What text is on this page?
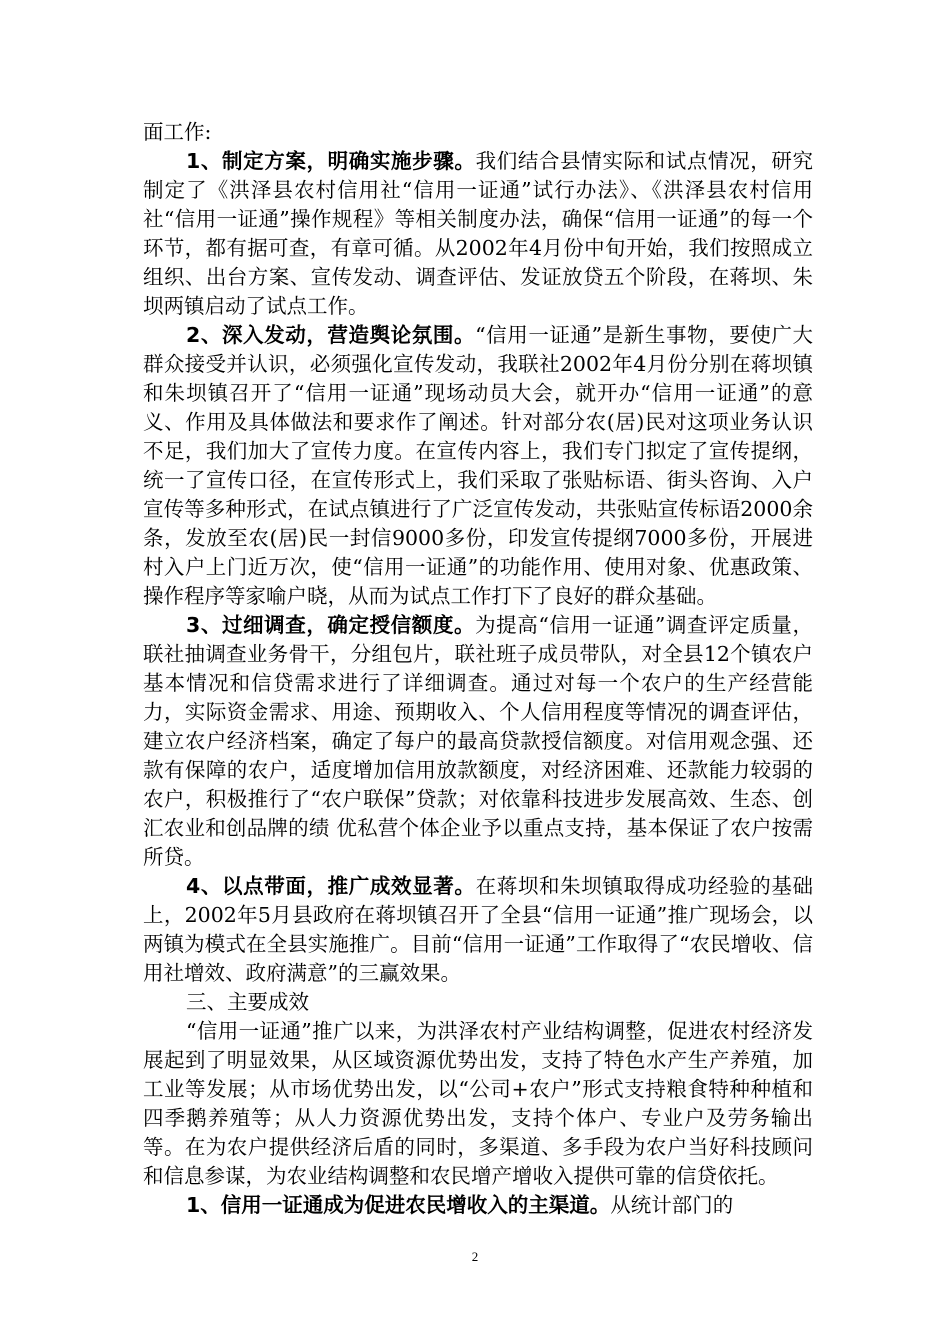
面工作:

1、制定方案，明确实施步骤。我们结合县情实际和试点情况，研究制定了《洪泽县农村信用社“信用一证通”试行办法》、《洪泽县农村信用社“信用一证通”操作规程》等相关制度办法，确保“信用一证通”的每一个环节，都有据可查，有章可循。从2002年4月份中旬开始，我们按照成立组织、出台方案、宣传发动、调查评估、发证放贷五个阶段，在蒋坝、朱坝两镇启动了试点工作。

2、深入发动，营造舆论氛围。“信用一证通”是新生事物，要使广大群众接受并认识，必须强化宣传发动，我联社2002年4月份分别在蒋坝镇和朱坝镇召开了“信用一证通”现场动员大会，就开办“信用一证通”的意义、作用及具体做法和要求作了阐述。针对部分农(居)民对这项业务认识不足，我们加大了宣传力度。在宣传内容上，我们专门拟定了宣传提纲，统一了宣传口径，在宣传形式上，我们采取了张贴标语、街头咨询、入户宣传等多种形式，在试点镇进行了广泛宣传发动，共张贴宣传标语2000余条，发放至农(居)民一封信9000多份，印发宣传提纲7000多份，开展进村入户上门近万次，使“信用一证通”的功能作用、使用对象、优惠政策、操作程序等家喻户晓，从而为试点工作打下了良好的群众基础。

3、过细调查，确定授信额度。为提高“信用一证通”调查评定质量，联社抽调查业务骨干，分组包片，联社班子成员带队，对全县12个镇农户基本情况和信贷需求进行了详细调查。通过对每一个农户的生产经营能力，实际资金需求、用途、预期收入、个人信用程度等情况的调查评估，建立农户经济档案，确定了每户的最高贷款授信额度。对信用观念强、还款有保障的农户，适度增加信用放款额度，对经济困难、还款能力较弱的农户，积极推行了“农户联保”贷款；对依靠科技进步发展高效、生态、创汇农业和创品牌的绩 优私营个体企业予以重点支持，基本保证了农户按需所贷。

4、以点带面，推广成效显著。在蒋坝和朱坝镇取得成功经验的基础上，2002年5月县政府在蒋坝镇召开了全县“信用一证通”推广现场会，以两镇为模式在全县实施推广。目前“信用一证通”工作取得了“农民增收、信用社增效、政府满意”的三赢效果。

三、主要成效

“信用一证通”推广以来，为洪泽农村产业结构调整，促进农村经济发展起到了明显效果，从区域资源优势出发，支持了特色水产生产养殖，加工业等发展；从市场优势出发，以“公司+农户”形式支持粮食特种种植和四季鹅养殖等；从人力资源优势出发，支持个体户、专业户及劳务输出等。在为农户提供经济后盾的同时，多渠道、多手段为农户当好科技顾问和信息参谋，为农业结构调整和农民增产增收入提供可靠的信贷依托。

1、信用一证通成为促进农民增收入的主渠道。从统计部门的

2
